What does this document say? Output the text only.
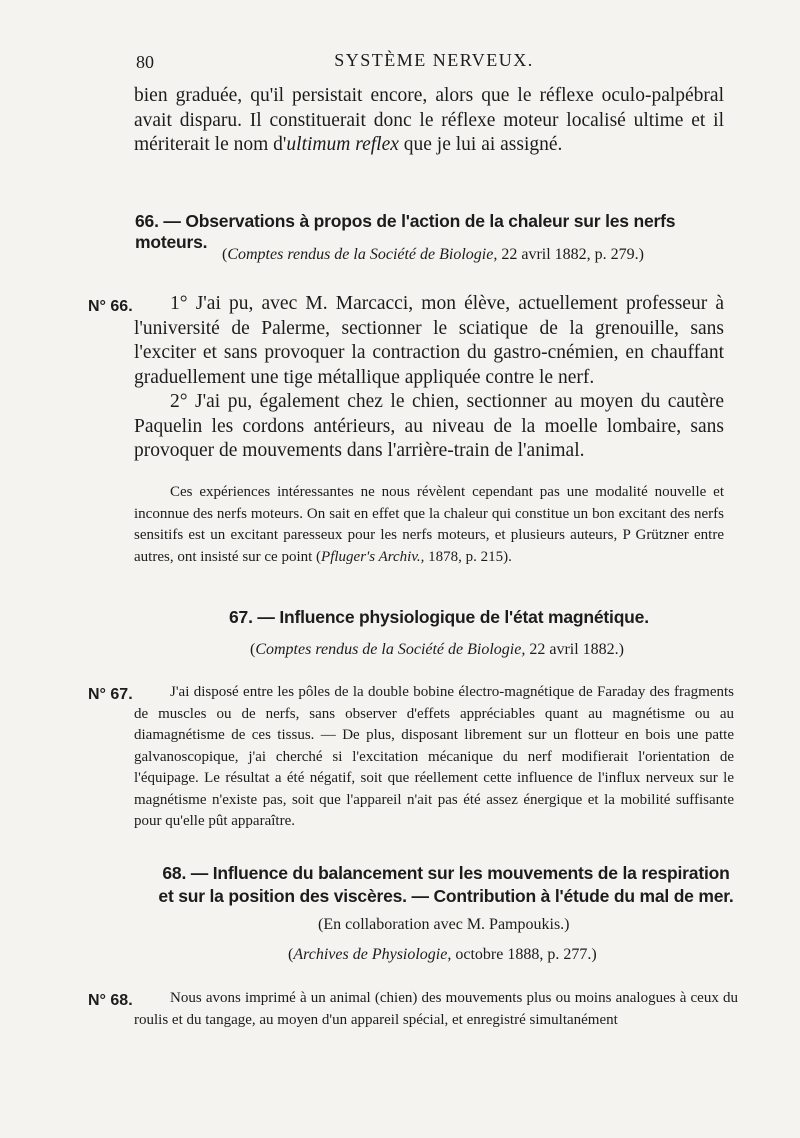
80	SYSTÈME NERVEUX.

bien graduée, qu'il persistait encore, alors que le réflexe oculo-palpébral avait disparu. Il constituerait donc le réflexe moteur localisé ultime et il mériterait le nom d'ultimum reflex que je lui ai assigné.

66. — Observations à propos de l'action de la chaleur sur les nerfs moteurs.
(Comptes rendus de la Société de Biologie, 22 avril 1882, p. 279.)
N° 66.	1° J'ai pu, avec M. Marcacci, mon élève, actuellement professeur à l'université de Palerme, sectionner le sciatique de la grenouille, sans l'exciter et sans provoquer la contraction du gastro-cnémien, en chauffant graduellement une tige métallique appliquée contre le nerf.

2° J'ai pu, également chez le chien, sectionner au moyen du cautère Paquelin les cordons antérieurs, au niveau de la moelle lombaire, sans provoquer de mouvements dans l'arrière-train de l'animal.

Ces expériences intéressantes ne nous révèlent cependant pas une modalité nouvelle et inconnue des nerfs moteurs. On sait en effet que la chaleur qui constitue un bon excitant des nerfs sensitifs est un excitant paresseux pour les nerfs moteurs, et plusieurs auteurs, P Grützner entre autres, ont insisté sur ce point (Pfluger's Archiv., 1878, p. 215).

67. — Influence physiologique de l'état magnétique.
(Comptes rendus de la Société de Biologie, 22 avril 1882.)
N° 67.	J'ai disposé entre les pôles de la double bobine électro-magnétique de Faraday des fragments de muscles ou de nerfs, sans observer d'effets appréciables quant au magnétisme ou au diamagnétisme de ces tissus. — De plus, disposant librement sur un flotteur en bois une patte galvanoscopique, j'ai cherché si l'excitation mécanique du nerf modifierait l'orientation de l'équipage. Le résultat a été négatif, soit que réellement cette influence de l'influx nerveux sur le magnétisme n'existe pas, soit que l'appareil n'ait pas été assez énergique et la mobilité suffisante pour qu'elle pût apparaître.

68. — Influence du balancement sur les mouvements de la respiration
et sur la position des viscères. — Contribution à l'étude du mal de mer.
(En collaboration avec M. Pampoukis.)
(Archives de Physiologie, octobre 1888, p. 277.)
N° 68.	Nous avons imprimé à un animal (chien) des mouvements plus ou moins analogues à ceux du roulis et du tangage, au moyen d'un appareil spécial, et enregistré simultanément
